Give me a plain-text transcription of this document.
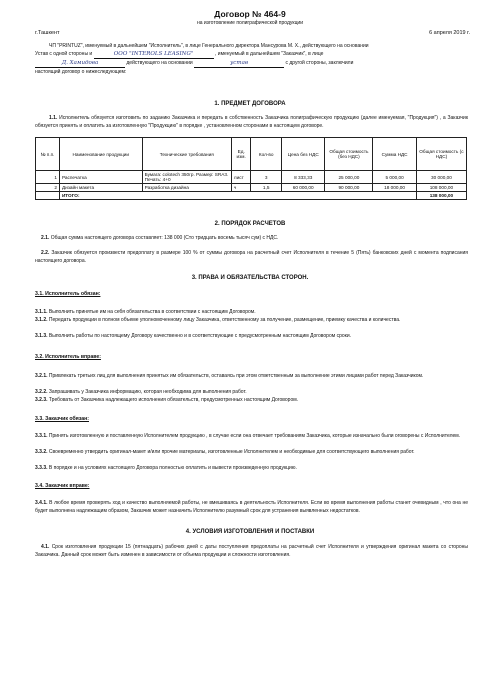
Договор № 464-9
на изготовление полиграфической продукции
г.Ташкент	6 апреля 2019 г.
ЧП "PRINTUZ", именуемый в дальнейшем "Исполнитель", в лице Генерального директора Мансурова М. Х., действующего на основании
Устав с одной стороны и	OOO "INTEROLS LEASING"	, именуемый в дальнейшем "Заказчик", в лице
Д. Хамидова	действующего на основании	устав	с другой стороны, заключили
настоящий договор о нижеследующем:
1. ПРЕДМЕТ ДОГОВОРА
1.1. Исполнитель обязуется изготовить по заданию Заказчика и передать в собственность Заказчика полиграфическую продукцию (далее именуемая, "Продукция") , а Заказчик обязуется принять и оплатить за изготовленную "Продукцию" в порядке , установленном сторонами в настоящем договоре.
№ п.п.	Наименование продукции	Технические требования	Ед. изм.	Кол-во	Цена без НДС	Общая стоимость (без НДС)	Сумма НДС	Общая стоимость (с НДС)
1	Распечатка	Бумага: colotech 350гр. Размер: SRA3. Печать: 4+0	лист	3	8 333,33	25 000,00	5 000,00	30 000,00
2	Дизайн макета	Разработка дизайна	ч	1,5	60 000,00	90 000,00	18 000,00	108 000,00
	ИТОГО:							138 000,00
2. ПОРЯДОК РАСЧЕТОВ
2.1. Общая сумма настоящего договора составляет: 138 000 (Сто тридцать восемь тысяч сум) с НДС.
2.2. Заказчик обязуется произвести предоплату в размере 100 % от суммы договора на расчетный счет Исполнителя в течение 5 (Пять) банковских дней с момента подписания настоящего договора.
3. ПРАВА И ОБЯЗАТЕЛЬСТВА СТОРОН.
3.1. Исполнитель обязан:
3.1.1. Выполнить принятые им на себя обязательства в соответствии с настоящим Договором.
3.1.2. Передать продукции в полном объеме уполномоченному лицу Заказчика, ответственному за получение, размещение, приемку качества и количества.
3.1.3. Выполнить работы по настоящему Договору качественно и в соответствующие с предусмотренным настоящим Договором сроки.
3.2. Исполнитель вправе:
3.2.1. Привлекать третьих лиц для выполнения принятых им обязательств, оставаясь при этом ответственным за выполнение этими лицами работ перед Заказчиком.
3.2.2. Запрашивать у Заказчика информацию, которая необходима для выполнения работ.
3.2.3. Требовать от Заказчика надлежащего исполнения обязательств, предусмотренных настоящим Договором.
3.3. Заказчик обязан:
3.3.1. Принять изготовленную и поставленную Исполнителем продукцию , в случае если она отвечает требованиям Заказчика, которые изначально были оговорены с Исполнителем.
3.3.2. Своевременно утвердить оригинал-макет и/или прочие материалы, изготовленные Исполнителем и необходимые для соответствующего выполнения работ.
3.3.3. В порядке и на условиях настоящего Договора полностью оплатить и вывести произведенную продукцию.
3.4. Заказчик вправе:
3.4.1. В любое время проверять ход и качество выполняемой работы, не вмешиваясь в деятельность Исполнителя. Если во время выполнения работы станет очевидным , что она не будет выполнена надлежащим образом, Заказчик может назначить Исполнителю разумный срок для устранения выявленных недостатков.
4. УСЛОВИЯ ИЗГОТОВЛЕНИЯ И ПОСТАВКИ
4.1. Срок изготовления продукции 15 (пятнадцать) рабочих дней с даты поступления предоплаты на расчетный счет Исполнителя и утверждения оригинал макета со стороны Заказчика. Данный срок может быть изменен в зависимости от объема продукции и сложности изготовления.
